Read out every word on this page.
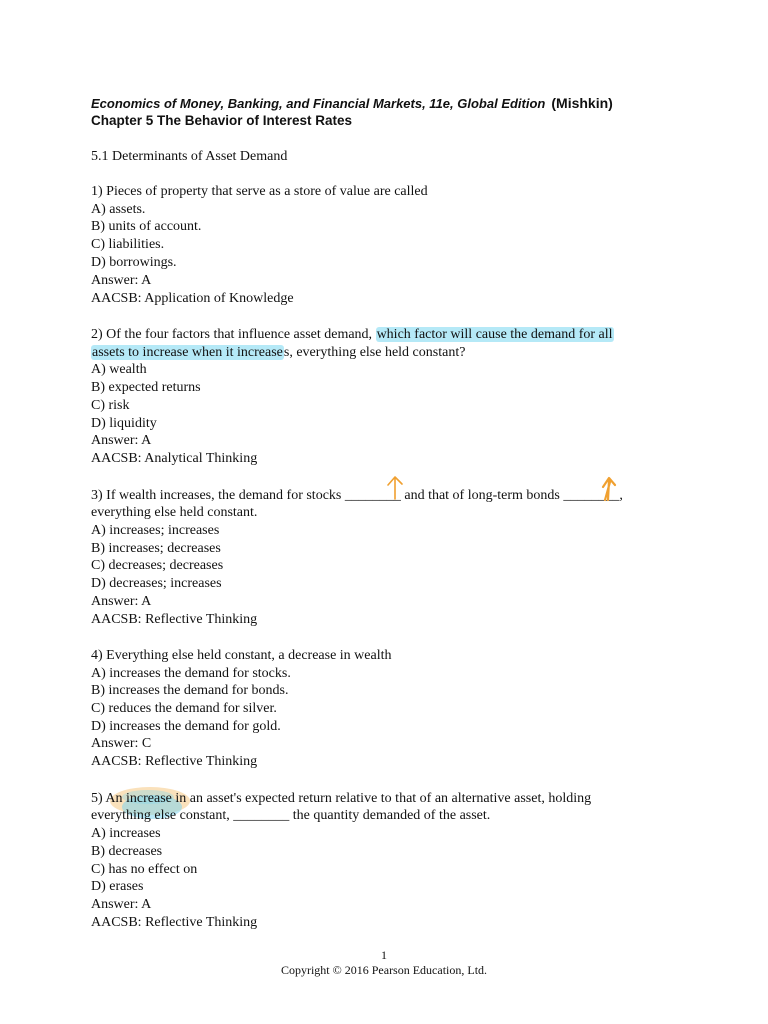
Economics of Money, Banking, and Financial Markets, 11e, Global Edition (Mishkin)
Chapter 5 The Behavior of Interest Rates
5.1 Determinants of Asset Demand
1) Pieces of property that serve as a store of value are called
A) assets.
B) units of account.
C) liabilities.
D) borrowings.
Answer: A
AACSB: Application of Knowledge
2) Of the four factors that influence asset demand, which factor will cause the demand for all
assets to increase when it increases, everything else held constant?
A) wealth
B) expected returns
C) risk
D) liquidity
Answer: A
AACSB: Analytical Thinking
3) If wealth increases, the demand for stocks ________ and that of long-term bonds ________,
everything else held constant.
A) increases; increases
B) increases; decreases
C) decreases; decreases
D) decreases; increases
Answer: A
AACSB: Reflective Thinking
4) Everything else held constant, a decrease in wealth
A) increases the demand for stocks.
B) increases the demand for bonds.
C) reduces the demand for silver.
D) increases the demand for gold.
Answer: C
AACSB: Reflective Thinking
5) An increase in an asset's expected return relative to that of an alternative asset, holding
everything else constant, ________ the quantity demanded of the asset.
A) increases
B) decreases
C) has no effect on
D) erases
Answer: A
AACSB: Reflective Thinking
1
Copyright © 2016 Pearson Education, Ltd.
